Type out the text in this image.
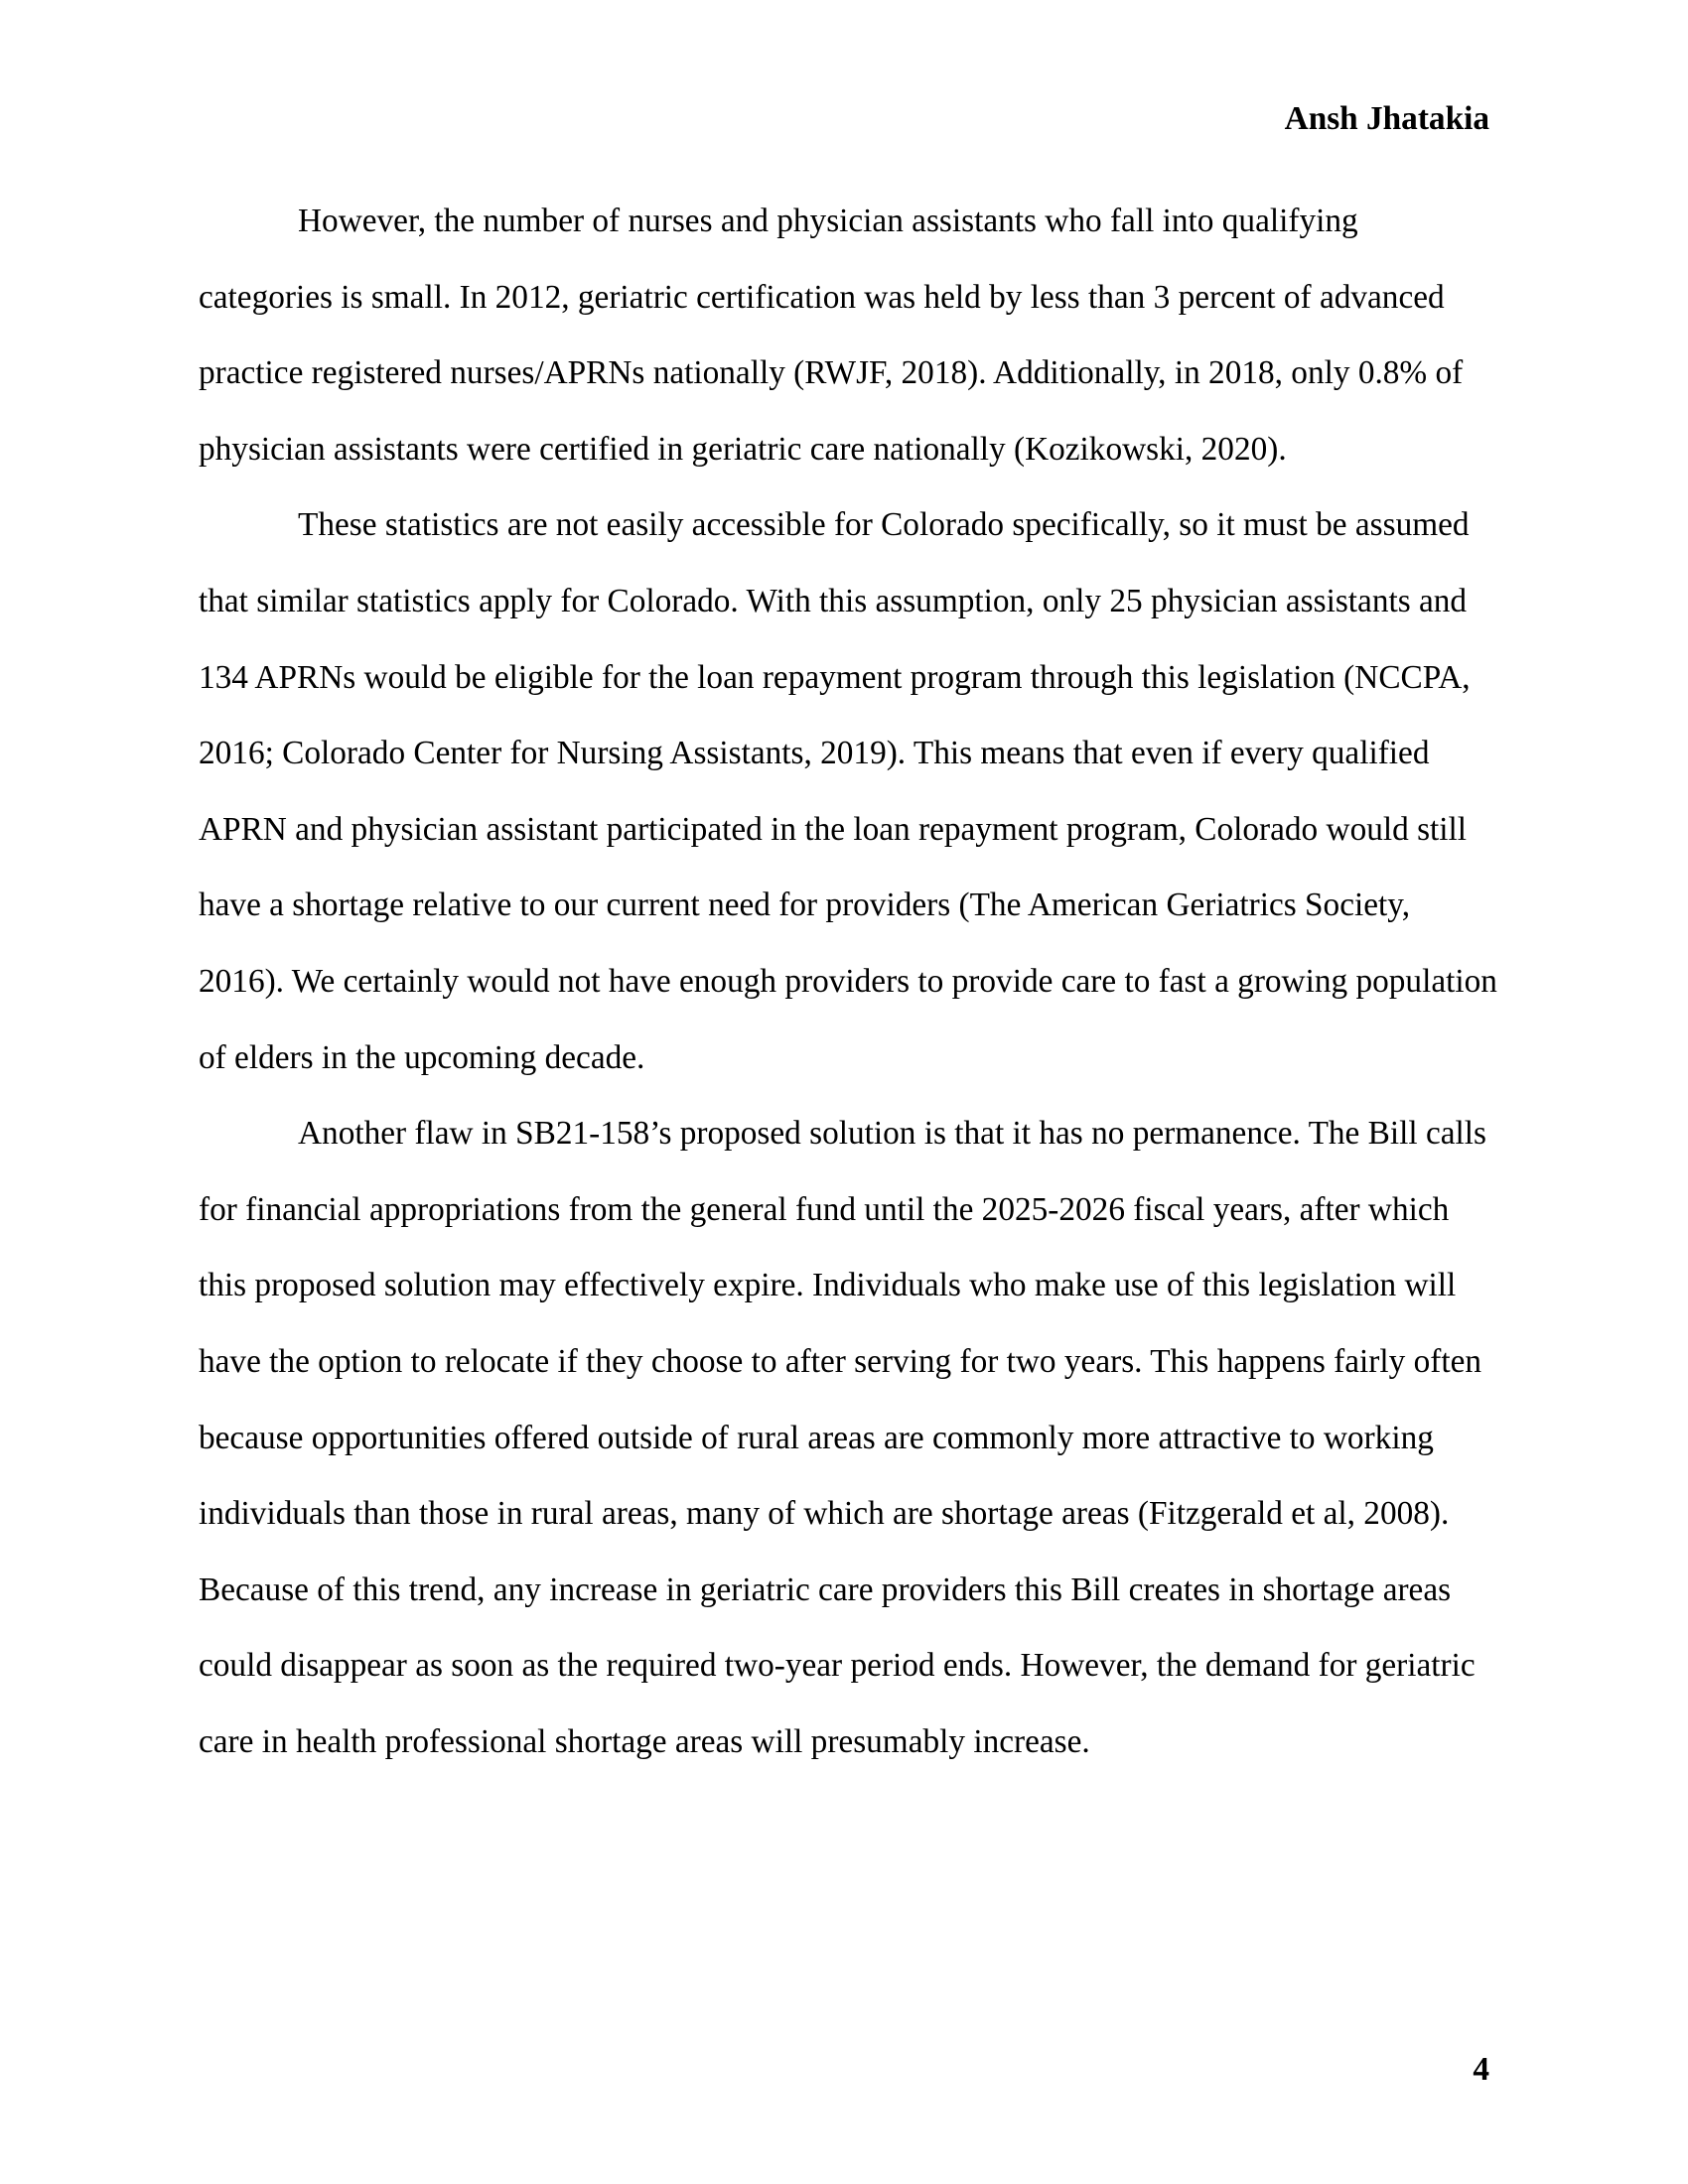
Ansh Jhatakia

However, the number of nurses and physician assistants who fall into qualifying categories is small. In 2012, geriatric certification was held by less than 3 percent of advanced practice registered nurses/APRNs nationally (RWJF, 2018). Additionally, in 2018, only 0.8% of physician assistants were certified in geriatric care nationally (Kozikowski, 2020).

These statistics are not easily accessible for Colorado specifically, so it must be assumed that similar statistics apply for Colorado. With this assumption, only 25 physician assistants and 134 APRNs would be eligible for the loan repayment program through this legislation (NCCPA, 2016; Colorado Center for Nursing Assistants, 2019). This means that even if every qualified APRN and physician assistant participated in the loan repayment program, Colorado would still have a shortage relative to our current need for providers (The American Geriatrics Society, 2016). We certainly would not have enough providers to provide care to fast a growing population of elders in the upcoming decade.

Another flaw in SB21-158’s proposed solution is that it has no permanence. The Bill calls for financial appropriations from the general fund until the 2025-2026 fiscal years, after which this proposed solution may effectively expire. Individuals who make use of this legislation will have the option to relocate if they choose to after serving for two years. This happens fairly often because opportunities offered outside of rural areas are commonly more attractive to working individuals than those in rural areas, many of which are shortage areas (Fitzgerald et al, 2008). Because of this trend, any increase in geriatric care providers this Bill creates in shortage areas could disappear as soon as the required two-year period ends. However, the demand for geriatric care in health professional shortage areas will presumably increase.

4
